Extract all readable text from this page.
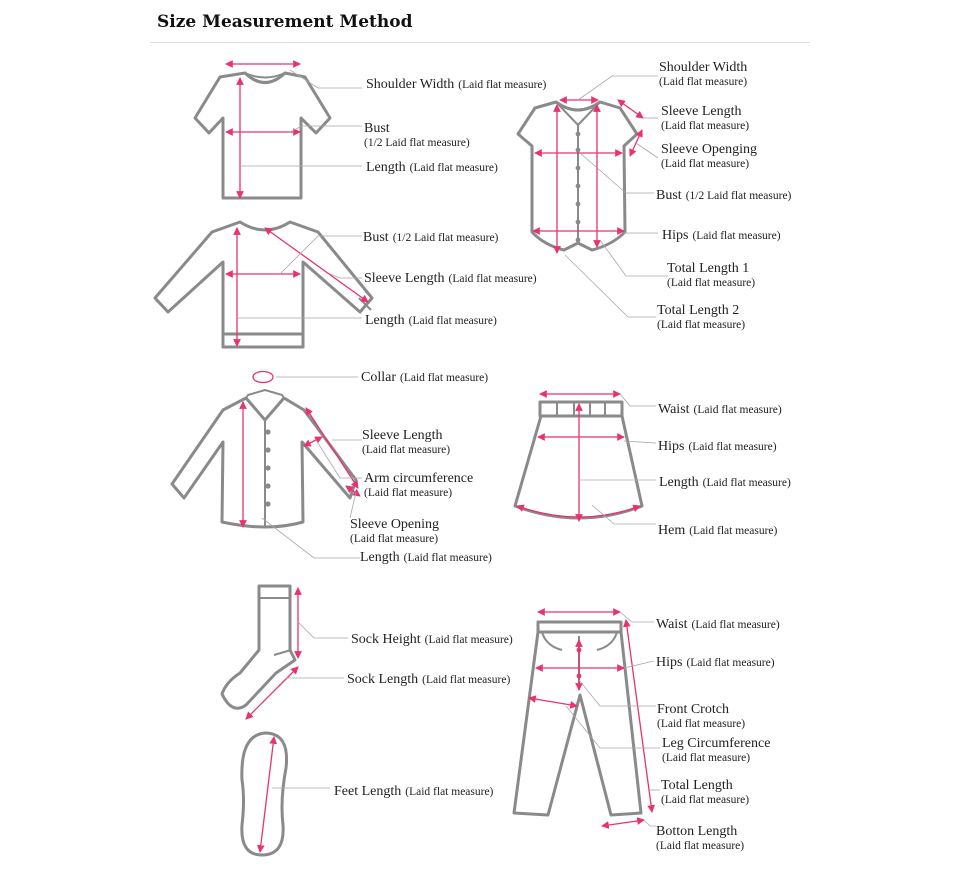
Size Measurement Method
Shoulder Width (Laid flat measure)
Bust
(1/2 Laid flat measure)
Length (Laid flat measure)
Bust (1/2 Laid flat measure)
Sleeve Length (Laid flat measure)
Length (Laid flat measure)
Shoulder Width
(Laid flat measure)
Sleeve Length
(Laid flat measure)
Sleeve Openging
(Laid flat measure)
Bust (1/2 Laid flat measure)
Hips (Laid flat measure)
Total Length 1
(Laid flat measure)
Total Length 2
(Laid flat measure)
Collar (Laid flat measure)
Sleeve Length
(Laid flat measure)
Arm circumference
(Laid flat measure)
Sleeve Opening
(Laid flat measure)
Length (Laid flat measure)
Waist (Laid flat measure)
Hips (Laid flat measure)
Length (Laid flat measure)
Hem (Laid flat measure)
Sock Height (Laid flat measure)
Sock Length (Laid flat measure)
Feet Length (Laid flat measure)
Waist (Laid flat measure)
Hips (Laid flat measure)
Front Crotch
(Laid flat measure)
Leg Circumference
(Laid flat measure)
Total Length
(Laid flat measure)
Botton Length
(Laid flat measure)
